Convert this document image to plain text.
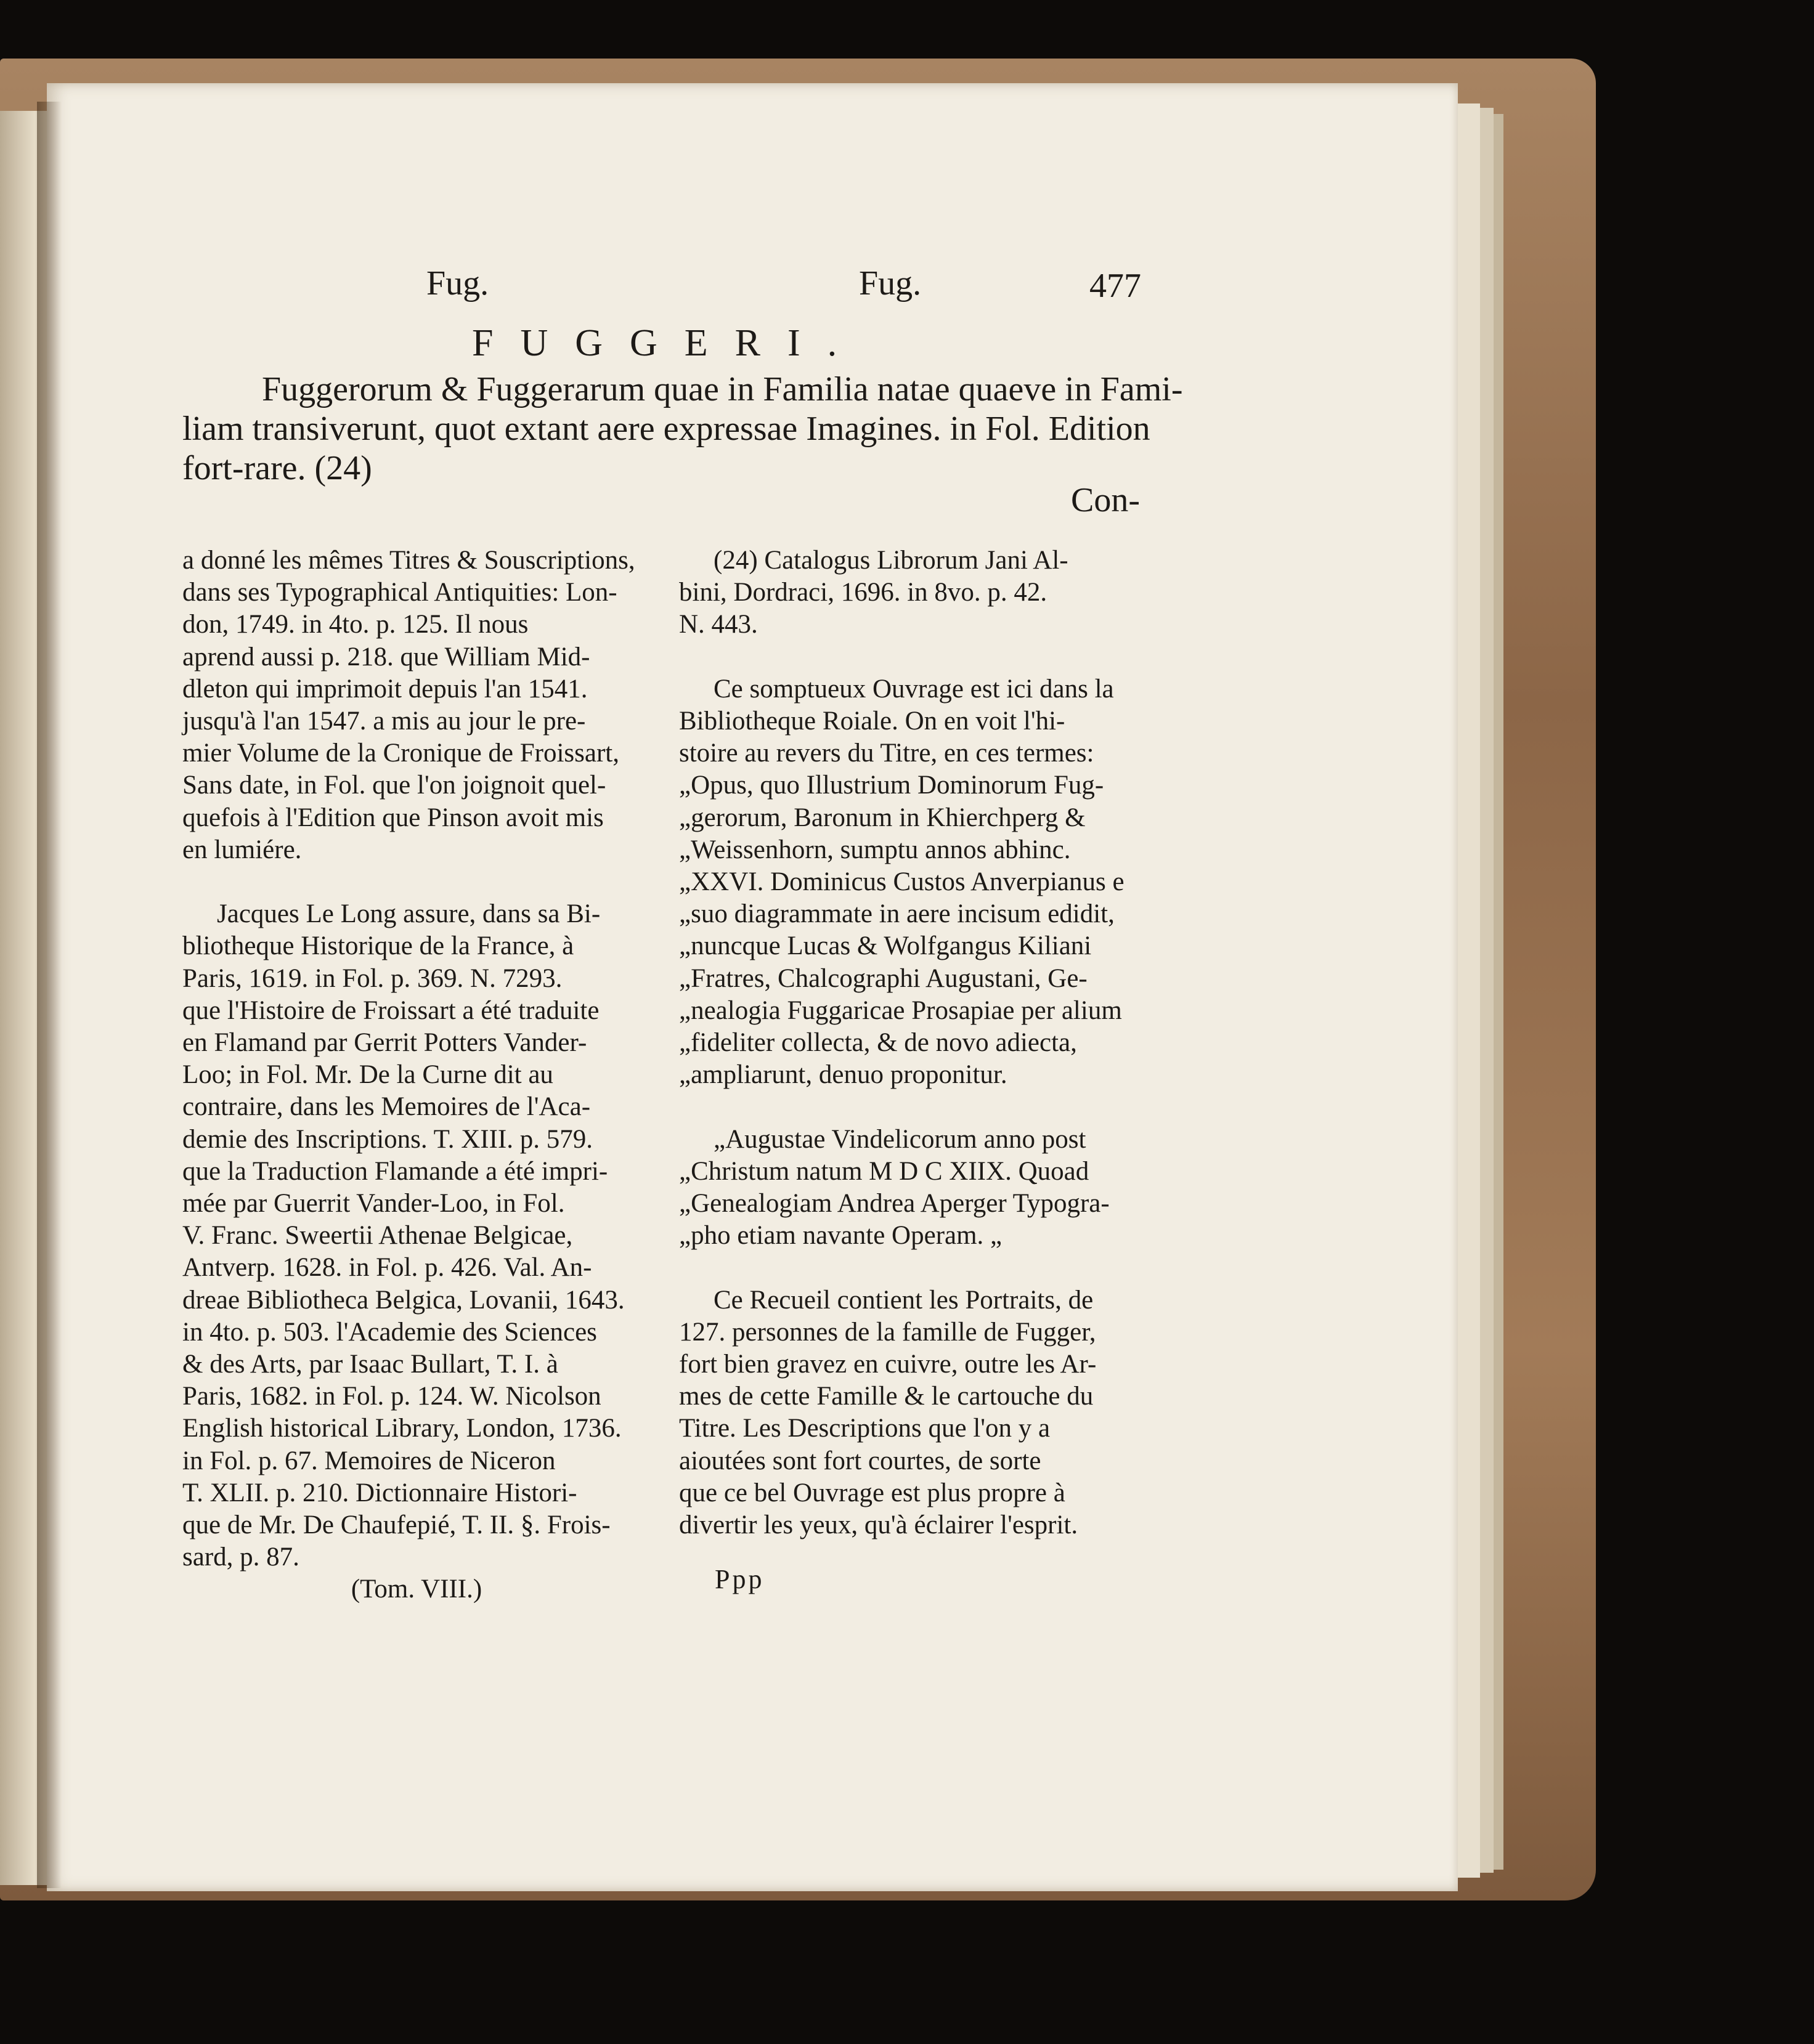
Fug.	Fug.	477
FUGGERI.
Fuggerorum & Fuggerarum quae in Familia natae quaeve in Fami-
liam transiverunt, quot extant aere expressae Imagines. in Fol. Edition
fort-rare. (24)
Con-
a donné les mêmes Titres & Souscriptions,
dans ses Typographical Antiquities: Lon-
don, 1749. in 4to. p. 125. Il nous
aprend aussi p. 218. que William Mid-
dleton qui imprimoit depuis l'an 1541.
jusqu'à l'an 1547. a mis au jour le pre-
mier Volume de la Cronique de Froissart,
Sans date, in Fol. que l'on joignoit quel-
quefois à l'Edition que Pinson avoit mis
en lumiére.
Jacques Le Long assure, dans sa Bi-
bliotheque Historique de la France, à
Paris, 1619. in Fol. p. 369. N. 7293.
que l'Histoire de Froissart a été traduite
en Flamand par Gerrit Potters Vander-
Loo; in Fol. Mr. De la Curne dit au
contraire, dans les Memoires de l'Aca-
demie des Inscriptions. T. XIII. p. 579.
que la Traduction Flamande a été impri-
mée par Guerrit Vander-Loo, in Fol.
V. Franc. Sweertii Athenae Belgicae,
Antverp. 1628. in Fol. p. 426. Val. An-
dreae Bibliotheca Belgica, Lovanii, 1643.
in 4to. p. 503. l'Academie des Sciences
& des Arts, par Isaac Bullart, T. I. à
Paris, 1682. in Fol. p. 124. W. Nicolson
English historical Library, London, 1736.
in Fol. p. 67. Memoires de Niceron
T. XLII. p. 210. Dictionnaire Histori-
que de Mr. De Chaufepié, T. II. §. Frois-
sard, p. 87.
(Tom. VIII.)
(24) Catalogus Librorum Jani Al-
bini, Dordraci, 1696. in 8vo. p. 42.
N. 443.
Ce somptueux Ouvrage est ici dans la
Bibliotheque Roiale. On en voit l'hi-
stoire au revers du Titre, en ces termes:
„Opus, quo Illustrium Dominorum Fug-
„gerorum, Baronum in Khierchperg &
„Weissenhorn, sumptu annos abhinc.
„XXVI. Dominicus Custos Anverpianus e
„suo diagrammate in aere incisum edidit,
„nuncque Lucas & Wolfgangus Kiliani
„Fratres, Chalcographi Augustani, Ge-
„nealogia Fuggaricae Prosapiae per alium
„fideliter collecta, & de novo adiecta,
„ampliarunt, denuo proponitur.
„Augustae Vindelicorum anno post
„Christum natum M D C XIIX. Quoad
„Genealogiam Andrea Aperger Typogra-
„pho etiam navante Operam. „
Ce Recueil contient les Portraits, de
127. personnes de la famille de Fugger,
fort bien gravez en cuivre, outre les Ar-
mes de cette Famille & le cartouche du
Titre. Les Descriptions que l'on y a
aioutées sont fort courtes, de sorte
que ce bel Ouvrage est plus propre à
divertir les yeux, qu'à éclairer l'esprit.
Ppp
